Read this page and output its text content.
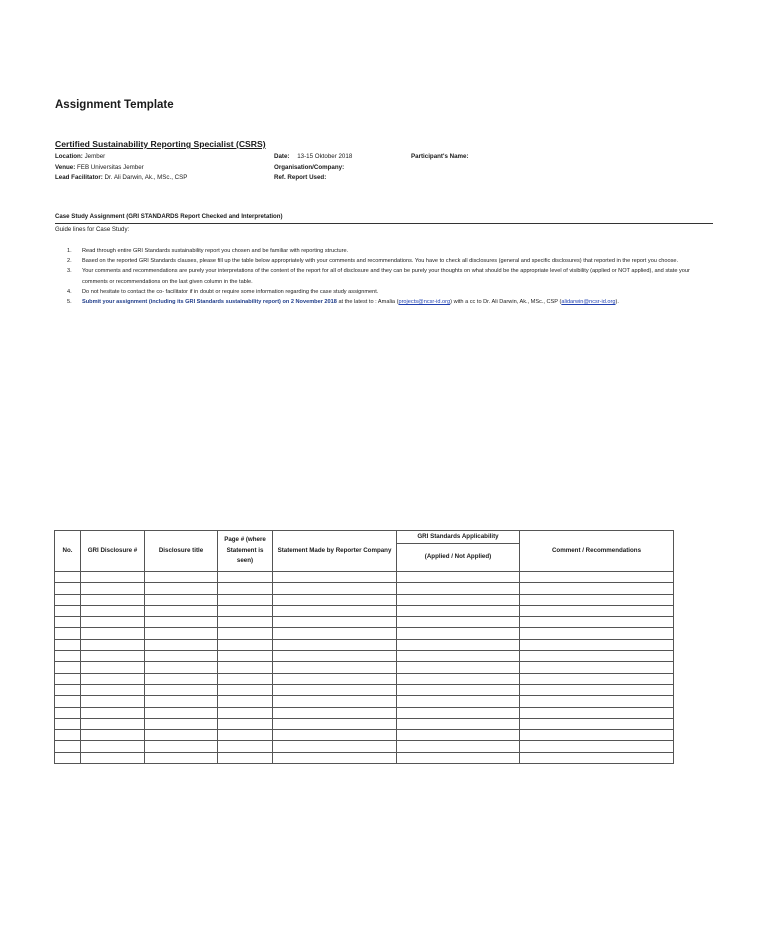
Assignment Template
Certified Sustainability Reporting Specialist (CSRS)
Location: Jember
Venue: FEB Universitas Jember
Lead Facilitator: Dr. Ali Darwin, Ak., MSc., CSP
Date: 13-15 Oktober 2018
Organisation/Company:
Ref. Report Used:
Participant's Name:
Case Study Assignment (GRI STANDARDS Report Checked and Interpretation)
Guide lines for Case Study:
1. Read through entire GRI Standards sustainability report you chosen and be familiar with reporting structure.
2. Based on the reported GRI Standards clauses, please fill up the table below appropriately with your comments and recommendations. You have to check all disclosures (general and specific disclosures) that reported in the report you choose.
3. Your comments and recommendations are purely your interpretations of the content of the report for all of disclosure and they can be purely your thoughts on what should be the appropriate level of visibility (applied or NOT applied), and state your comments or recommendations on the last given column in the table.
4. Do not hesitate to contact the co- facilitator if in doubt or require some information regarding the case study assignment.
5. Submit your assignment (including its GRI Standards sustainability report) on 2 November 2018 at the latest to : Amalia (projects@ncsr-id.org) with a cc to Dr. Ali Darwin, Ak., MSc., CSP (alidarwin@ncsr-id.org).
No.	GRI Disclosure #	Disclosure title	Page # (where Statement is seen)	Statement Made by Reporter Company	GRI Standards Applicability	Comment / Recommendations
					(Applied / Not Applied)	
